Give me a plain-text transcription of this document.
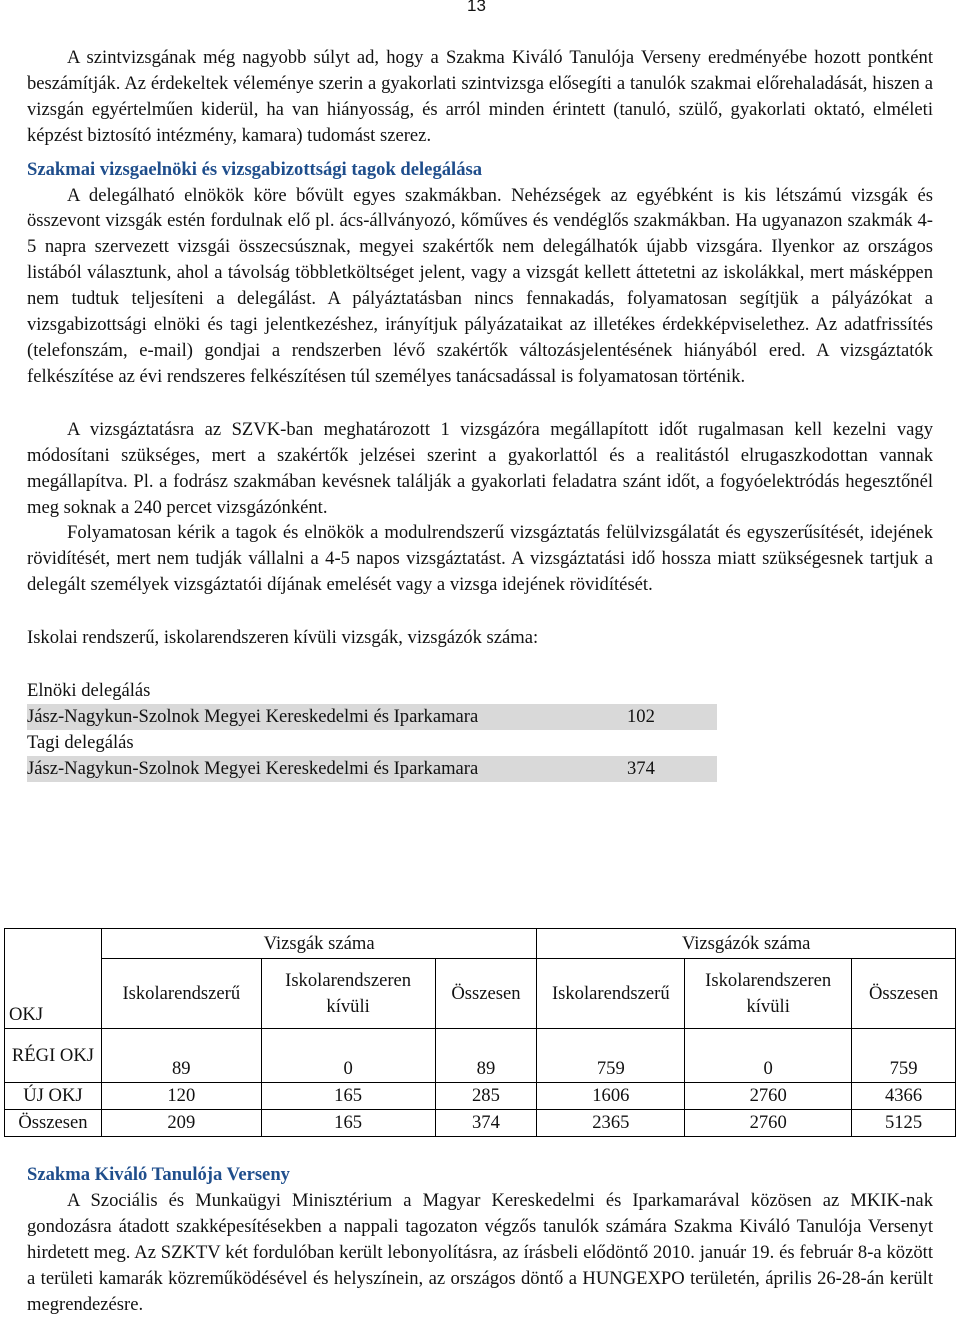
13

A szintvizsgának még nagyobb súlyt ad, hogy a Szakma Kiváló Tanulója Verseny eredményébe hozott pontként beszámítják. Az érdekeltek véleménye szerin a gyakorlati szintvizsga elősegíti a tanulók szakmai előrehaladását, hiszen a vizsgán egyértelműen kiderül, ha van hiányosság, és arról minden érintett (tanuló, szülő, gyakorlati oktató, elméleti képzést biztosító intézmény, kamara) tudomást szerez.

Szakmai vizsgaelnöki és vizsgabizottsági tagok delegálása

A delegálható elnökök köre bővült egyes szakmákban. Nehézségek az egyébként is kis létszámú vizsgák és összevont vizsgák estén fordulnak elő pl. ács-állványozó, kőműves és vendéglős szakmákban. Ha ugyanazon szakmák 4-5 napra szervezett vizsgái összecsúsznak, megyei szakértők nem delegálhatók újabb vizsgára. Ilyenkor az országos listából választunk, ahol a távolság többletköltséget jelent, vagy a vizsgát kellett áttetetni az iskolákkal, mert másképpen nem tudtuk teljesíteni a delegálást. A pályáztatásban nincs fennakadás, folyamatosan segítjük a pályázókat a vizsgabizottsági elnöki és tagi jelentkezéshez, irányítjuk pályázataikat az illetékes érdekképviselethez. Az adatfrissítés (telefonszám, e-mail) gondjai a rendszerben lévő szakértők változásjelentésének hiányából ered. A vizsgáztatók felkészítése az évi rendszeres felkészítésen túl személyes tanácsadással is folyamatosan történik.

A vizsgáztatásra az SZVK-ban meghatározott 1 vizsgázóra megállapított időt rugalmasan kell kezelni vagy módosítani szükséges, mert a szakértők jelzései szerint a gyakorlattól és a realitástól elrugaszkodottan vannak megállapítva. Pl. a fodrász szakmában kevésnek találják a gyakorlati feladatra szánt időt, a fogyóelektródás hegesztőnél meg soknak a 240 percet vizsgázónként.

Folyamatosan kérik a tagok és elnökök a modulrendszerű vizsgáztatás felülvizsgálatát és egyszerűsítését, idejének rövidítését, mert nem tudják vállalni a 4-5 napos vizsgáztatást. A vizsgáztatási idő hossza miatt szükségesnek tartjuk a delegált személyek vizsgáztatói díjának emelését vagy a vizsga idejének rövidítését.

Iskolai rendszerű, iskolarendszeren kívüli vizsgák, vizsgázók száma:

Elnöki delegálás
Jász-Nagykun-Szolnok Megyei Kereskedelmi és Iparkamara	102
Tagi delegálás
Jász-Nagykun-Szolnok Megyei Kereskedelmi és Iparkamara	374
OKJ	Vizsgák száma			Vizsgázók száma		
	Iskolarendszerű	Iskolarendszeren kívüli	Összesen	Iskolarendszerű	Iskolarendszeren kívüli	Összesen
RÉGI OKJ	89	0	89	759	0	759
ÚJ OKJ	120	165	285	1606	2760	4366
Összesen	209	165	374	2365	2760	5125
Szakma Kiváló Tanulója Verseny

A Szociális és Munkaügyi Minisztérium a Magyar Kereskedelmi és Iparkamarával közösen az MKIK-nak gondozásra átadott szakképesítésekben a nappali tagozaton végzős tanulók számára Szakma Kiváló Tanulója Versenyt hirdetett meg. Az SZKTV két fordulóban került lebonyolításra, az írásbeli elődöntő 2010. január 19. és február 8-a között a területi kamarák közreműködésével és helyszínein, az országos döntő a HUNGEXPO területén, április 26-28-án került megrendezésre.
